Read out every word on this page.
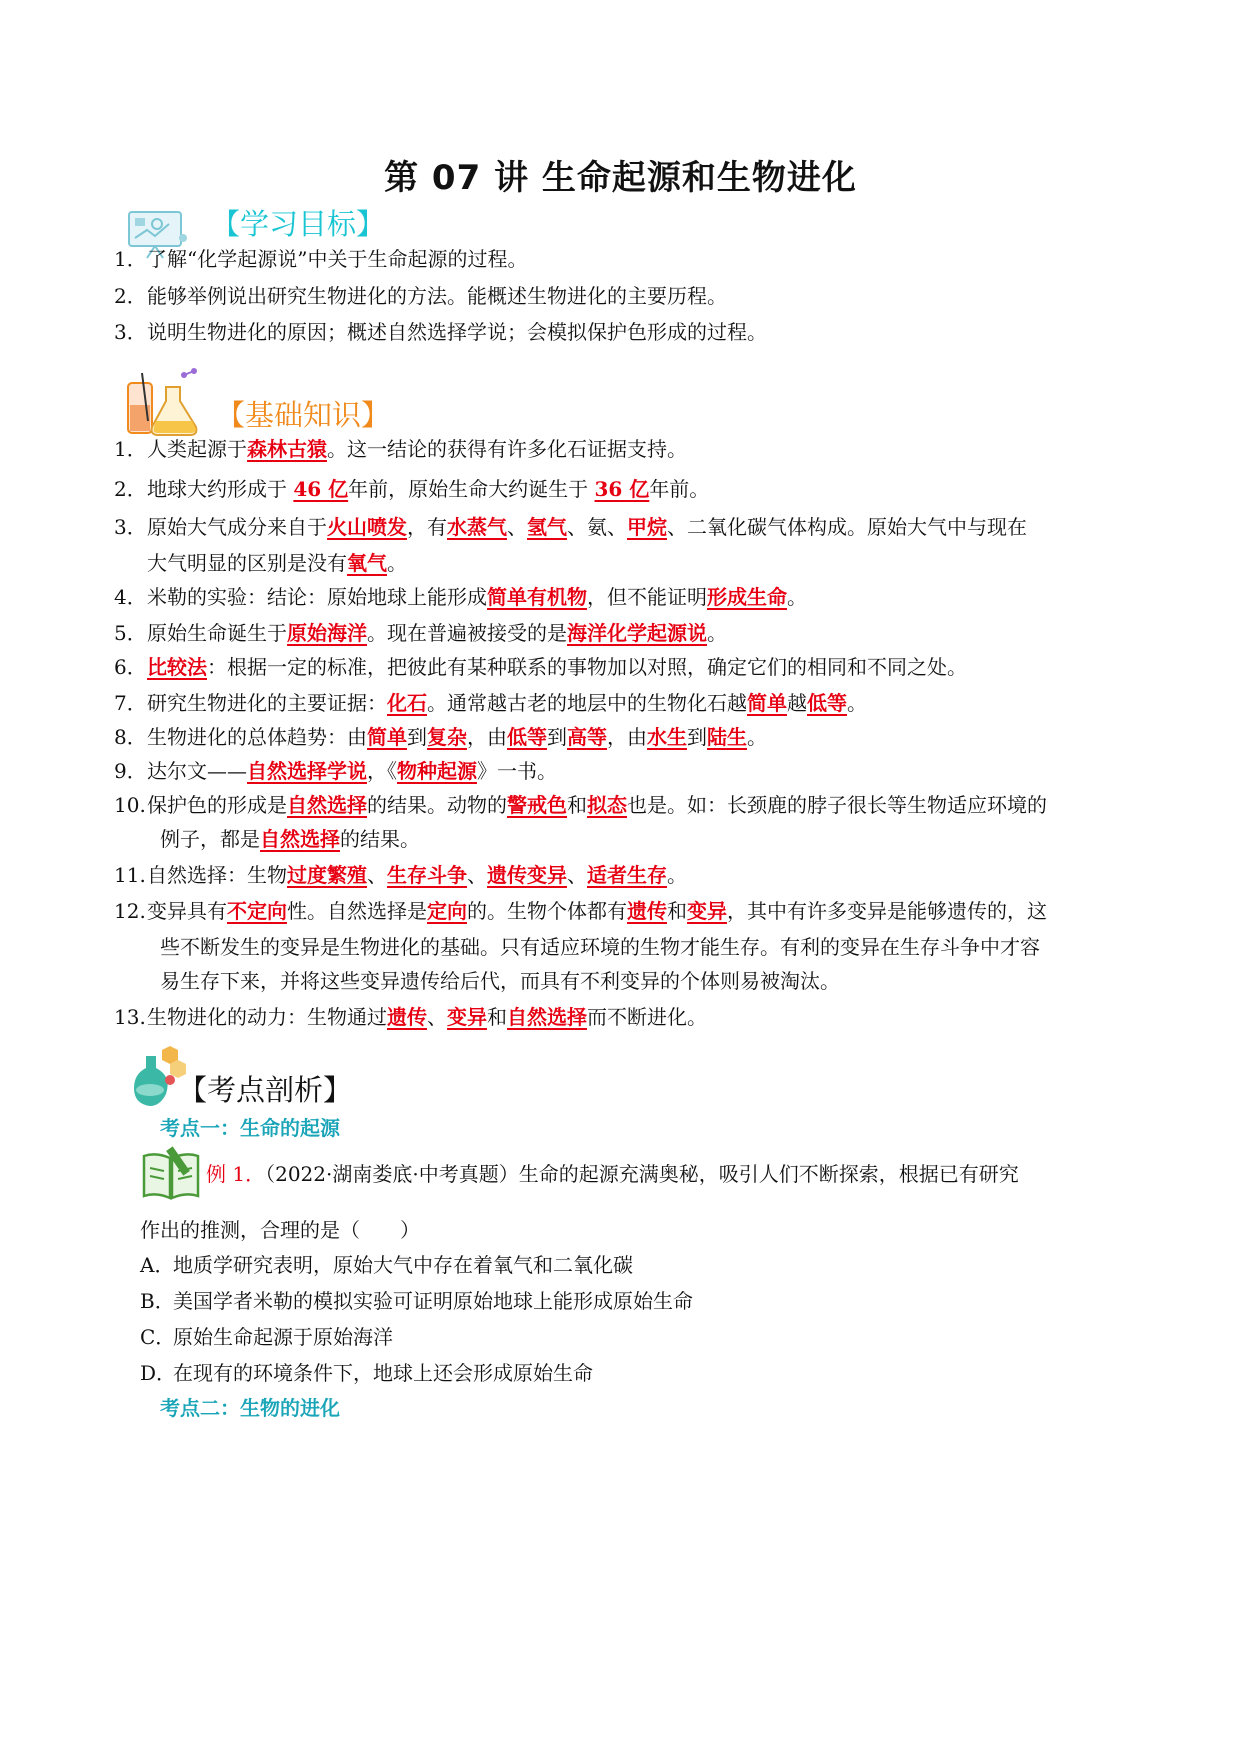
第 07 讲 生命起源和生物进化
【学习目标】
1．了解“化学起源说”中关于生命起源的过程。
2．能够举例说出研究生物进化的方法。能概述生物进化的主要历程。
3．说明生物进化的原因；概述自然选择学说；会模拟保护色形成的过程。
【基础知识】
1．人类起源于森林古猿。这一结论的获得有许多化石证据支持。
2．地球大约形成于 46 亿年前，原始生命大约诞生于 36 亿年前。
3．原始大气成分来自于火山喷发，有水蒸气、氢气、氨、甲烷、二氧化碳气体构成。原始大气中与现在
大气明显的区别是没有氧气。
4．米勒的实验：结论：原始地球上能形成简单有机物，但不能证明形成生命。
5．原始生命诞生于原始海洋。现在普遍被接受的是海洋化学起源说。
6．比较法：根据一定的标准，把彼此有某种联系的事物加以对照，确定它们的相同和不同之处。
7．研究生物进化的主要证据：化石。通常越古老的地层中的生物化石越简单越低等。
8．生物进化的总体趋势：由简单到复杂，由低等到高等，由水生到陆生。
9．达尔文——自然选择学说，《物种起源》一书。
10.保护色的形成是自然选择的结果。动物的警戒色和拟态也是。如：长颈鹿的脖子很长等生物适应环境的
例子，都是自然选择的结果。
11.自然选择：生物过度繁殖、生存斗争、遗传变异、适者生存。
12.变异具有不定向性。自然选择是定向的。生物个体都有遗传和变异，其中有许多变异是能够遗传的，这
些不断发生的变异是生物进化的基础。只有适应环境的生物才能生存。有利的变异在生存斗争中才容
易生存下来，并将这些变异遗传给后代，而具有不利变异的个体则易被淘汰。
13.生物进化的动力：生物通过遗传、变异和自然选择而不断进化。
【考点剖析】
考点一：生命的起源
例 1．（2022·湖南娄底·中考真题）生命的起源充满奥秘，吸引人们不断探索，根据已有研究
作出的推测，合理的是（　　）
A．地质学研究表明，原始大气中存在着氧气和二氧化碳
B．美国学者米勒的模拟实验可证明原始地球上能形成原始生命
C．原始生命起源于原始海洋
D．在现有的环境条件下，地球上还会形成原始生命
考点二：生物的进化
